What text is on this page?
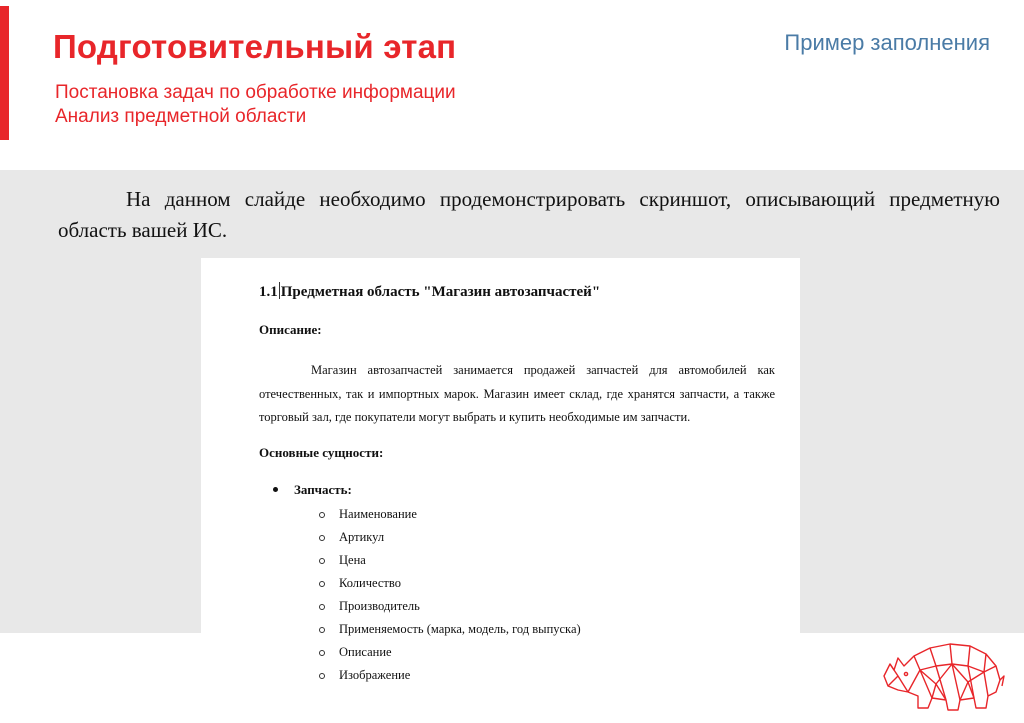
Подготовительный этап	Пример заполнения
Постановка задач по обработке информации
Анализ предметной области

На данном слайде необходимо продемонстрировать скриншот, описывающий предметную область вашей ИС.

1.1 Предметная область "Магазин автозапчастей"
Описание:

Магазин автозапчастей занимается продажей запчастей для автомобилей как отечественных, так и импортных марок. Магазин имеет склад, где хранятся запчасти, а также торговый зал, где покупатели могут выбрать и купить необходимые им запчасти.

Основные сущности:
Запчасть:
Наименование
Артикул
Цена
Количество
Производитель
Применяемость (марка, модель, год выпуска)
Описание
Изображение
